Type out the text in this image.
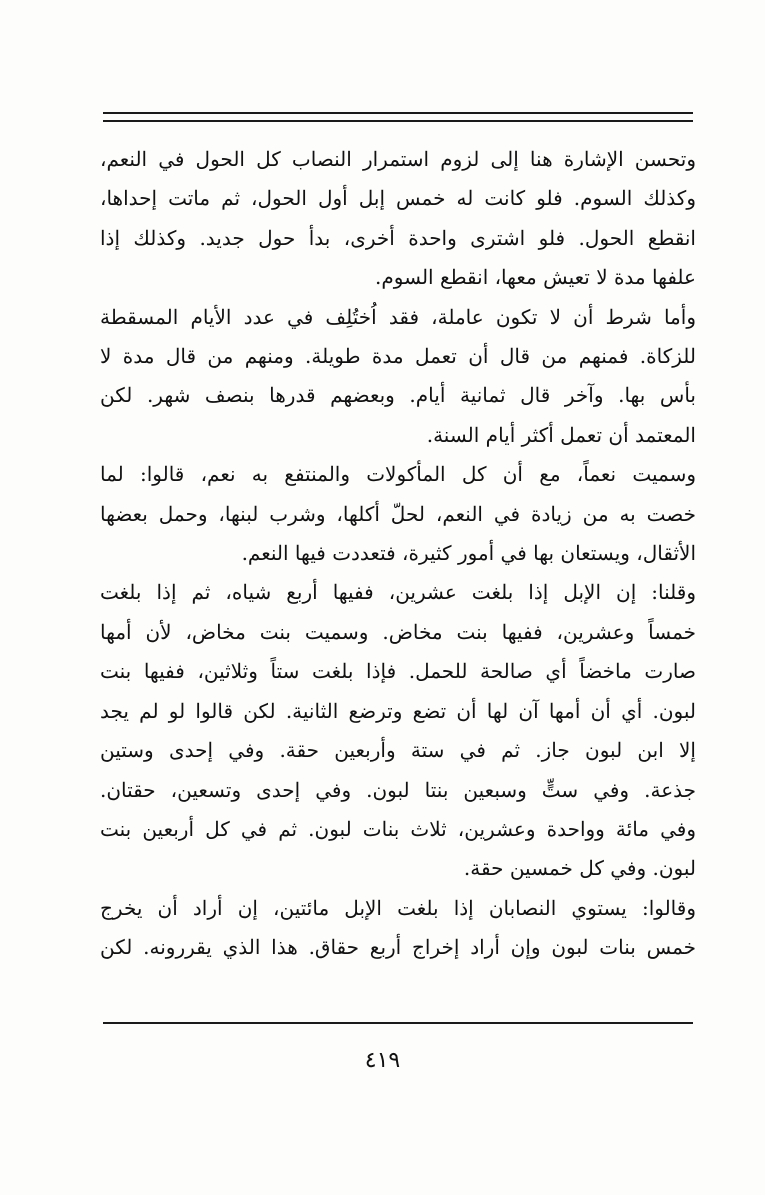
وتحسن الإشارة هنا إلى لزوم استمرار النصاب كل الحول في النعم،
وكذلك السوم. فلو كانت له خمس إبل أول الحول، ثم ماتت إحداها،
انقطع الحول. فلو اشترى واحدة أخرى، بدأ حول جديد. وكذلك إذا
علفها مدة لا تعيش معها، انقطع السوم.

وأما شرط أن لا تكون عاملة، فقد اُختُلِف في عدد الأيام المسقطة
للزكاة. فمنهم من قال أن تعمل مدة طويلة. ومنهم من قال مدة لا
بأس بها. وآخر قال ثمانية أيام. وبعضهم قدرها بنصف شهر. لكن
المعتمد أن تعمل أكثر أيام السنة.

وسميت نعماً، مع أن كل المأكولات والمنتفع به نعم، قالوا: لما
خصت به من زيادة في النعم، لحلّ أكلها، وشرب لبنها، وحمل بعضها
الأثقال، ويستعان بها في أمور كثيرة، فتعددت فيها النعم.

وقلنا: إن الإبل إذا بلغت عشرين، ففيها أربع شياه، ثم إذا بلغت
خمساً وعشرين، ففيها بنت مخاض. وسميت بنت مخاض، لأن أمها
صارت ماخضاً أي صالحة للحمل. فإذا بلغت ستاً وثلاثين، ففيها بنت
لبون. أي أن أمها آن لها أن تضع وترضع الثانية. لكن قالوا لو لم يجد
إلا ابن لبون جاز. ثم في ستة وأربعين حقة. وفي إحدى وستين
جذعة. وفي ستٍّ وسبعين بنتا لبون. وفي إحدى وتسعين، حقتان.
وفي مائة وواحدة وعشرين، ثلاث بنات لبون. ثم في كل أربعين بنت
لبون. وفي كل خمسين حقة.

وقالوا: يستوي النصابان إذا بلغت الإبل مائتين، إن أراد أن يخرج
خمس بنات لبون وإن أراد إخراج أربع حقاق. هذا الذي يقررونه. لكن

٤١٩
